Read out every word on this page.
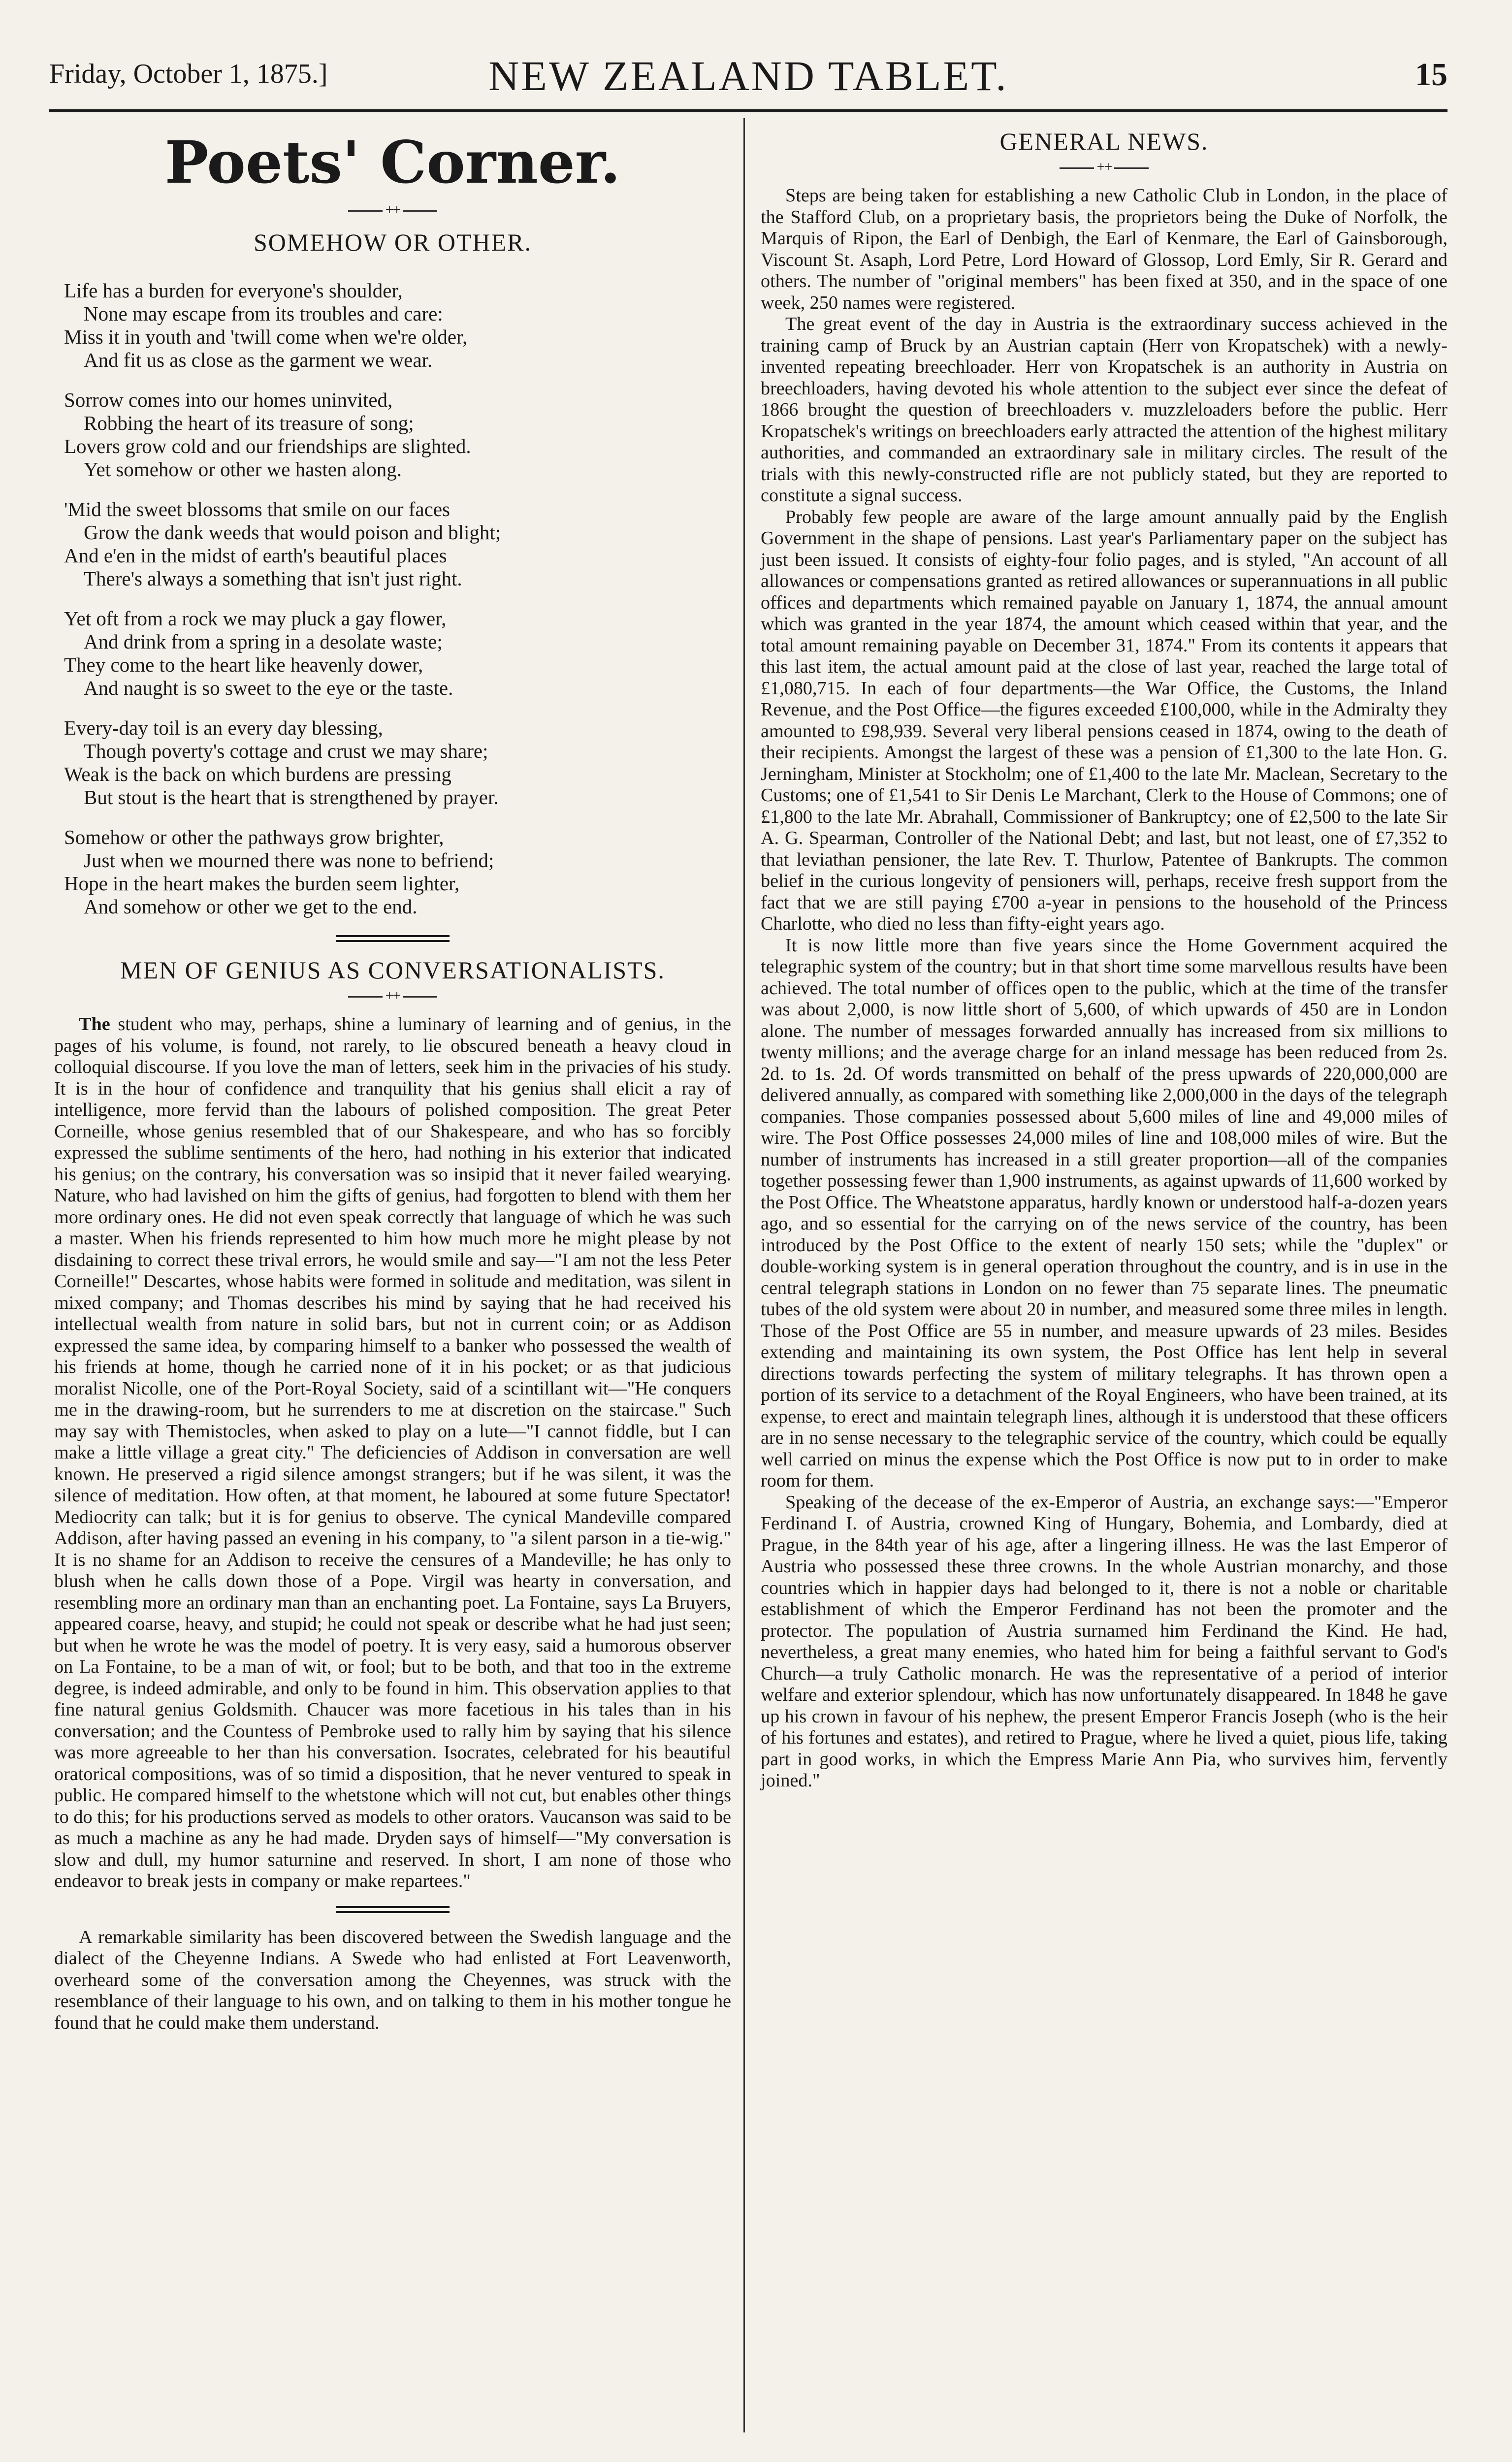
Friday, October 1, 1875.]	NEW ZEALAND TABLET.	15
Poets' Corner.
++
SOMEHOW OR OTHER.
Life has a burden for everyone's shoulder,
None may escape from its troubles and care:
Miss it in youth and 'twill come when we're older,
And fit us as close as the garment we wear.
Sorrow comes into our homes uninvited,
Robbing the heart of its treasure of song;
Lovers grow cold and our friendships are slighted.
Yet somehow or other we hasten along.
'Mid the sweet blossoms that smile on our faces
Grow the dank weeds that would poison and blight;
And e'en in the midst of earth's beautiful places
There's always a something that isn't just right.
Yet oft from a rock we may pluck a gay flower,
And drink from a spring in a desolate waste;
They come to the heart like heavenly dower,
And naught is so sweet to the eye or the taste.
Every-day toil is an every day blessing,
Though poverty's cottage and crust we may share;
Weak is the back on which burdens are pressing
But stout is the heart that is strengthened by prayer.
Somehow or other the pathways grow brighter,
Just when we mourned there was none to befriend;
Hope in the heart makes the burden seem lighter,
And somehow or other we get to the end.
MEN OF GENIUS AS CONVERSATIONALISTS.
++

The student who may, perhaps, shine a luminary of learning and of genius, in the pages of his volume, is found, not rarely, to lie obscured beneath a heavy cloud in colloquial discourse. If you love the man of letters, seek him in the privacies of his study. It is in the hour of confidence and tranquility that his genius shall elicit a ray of intelligence, more fervid than the labours of polished composition. The great Peter Corneille, whose genius resembled that of our Shakespeare, and who has so forcibly expressed the sublime sentiments of the hero, had nothing in his exterior that indicated his genius; on the contrary, his conversation was so insipid that it never failed wearying. Nature, who had lavished on him the gifts of genius, had forgotten to blend with them her more ordinary ones. He did not even speak correctly that language of which he was such a master. When his friends represented to him how much more he might please by not disdaining to correct these trival errors, he would smile and say—"I am not the less Peter Corneille!" Descartes, whose habits were formed in solitude and meditation, was silent in mixed company; and Thomas describes his mind by saying that he had received his intellectual wealth from nature in solid bars, but not in current coin; or as Addison expressed the same idea, by comparing himself to a banker who possessed the wealth of his friends at home, though he carried none of it in his pocket; or as that judicious moralist Nicolle, one of the Port-Royal Society, said of a scintillant wit—"He conquers me in the drawing-room, but he surrenders to me at discretion on the staircase." Such may say with Themistocles, when asked to play on a lute—"I cannot fiddle, but I can make a little village a great city." The deficiencies of Addison in conversation are well known. He preserved a rigid silence amongst strangers; but if he was silent, it was the silence of meditation. How often, at that moment, he laboured at some future Spectator! Mediocrity can talk; but it is for genius to observe. The cynical Mandeville compared Addison, after having passed an evening in his company, to "a silent parson in a tie-wig." It is no shame for an Addison to receive the censures of a Mandeville; he has only to blush when he calls down those of a Pope. Virgil was hearty in conversation, and resembling more an ordinary man than an enchanting poet. La Fontaine, says La Bruyers, appeared coarse, heavy, and stupid; he could not speak or describe what he had just seen; but when he wrote he was the model of poetry. It is very easy, said a humorous observer on La Fontaine, to be a man of wit, or fool; but to be both, and that too in the extreme degree, is indeed admirable, and only to be found in him. This observation applies to that fine natural genius Goldsmith. Chaucer was more facetious in his tales than in his conversation; and the Countess of Pembroke used to rally him by saying that his silence was more agreeable to her than his conversation. Isocrates, celebrated for his beautiful oratorical compositions, was of so timid a disposition, that he never ventured to speak in public. He compared himself to the whetstone which will not cut, but enables other things to do this; for his productions served as models to other orators. Vaucanson was said to be as much a machine as any he had made. Dryden says of himself—"My conversation is slow and dull, my humor saturnine and reserved. In short, I am none of those who endeavor to break jests in company or make repartees."

A remarkable similarity has been discovered between the Swedish language and the dialect of the Cheyenne Indians. A Swede who had enlisted at Fort Leavenworth, overheard some of the conversation among the Cheyennes, was struck with the resemblance of their language to his own, and on talking to them in his mother tongue he found that he could make them understand.

GENERAL NEWS.
++

Steps are being taken for establishing a new Catholic Club in London, in the place of the Stafford Club, on a proprietary basis, the proprietors being the Duke of Norfolk, the Marquis of Ripon, the Earl of Denbigh, the Earl of Kenmare, the Earl of Gainsborough, Viscount St. Asaph, Lord Petre, Lord Howard of Glossop, Lord Emly, Sir R. Gerard and others. The number of "original members" has been fixed at 350, and in the space of one week, 250 names were registered.

The great event of the day in Austria is the extraordinary success achieved in the training camp of Bruck by an Austrian captain (Herr von Kropatschek) with a newly-invented repeating breechloader. Herr von Kropatschek is an authority in Austria on breechloaders, having devoted his whole attention to the subject ever since the defeat of 1866 brought the question of breechloaders v. muzzleloaders before the public. Herr Kropatschek's writings on breechloaders early attracted the attention of the highest military authorities, and commanded an extraordinary sale in military circles. The result of the trials with this newly-constructed rifle are not publicly stated, but they are reported to constitute a signal success.

Probably few people are aware of the large amount annually paid by the English Government in the shape of pensions. Last year's Parliamentary paper on the subject has just been issued. It consists of eighty-four folio pages, and is styled, "An account of all allowances or compensations granted as retired allowances or superannuations in all public offices and departments which remained payable on January 1, 1874, the annual amount which was granted in the year 1874, the amount which ceased within that year, and the total amount remaining payable on December 31, 1874." From its contents it appears that this last item, the actual amount paid at the close of last year, reached the large total of £1,080,715. In each of four departments—the War Office, the Customs, the Inland Revenue, and the Post Office—the figures exceeded £100,000, while in the Admiralty they amounted to £98,939. Several very liberal pensions ceased in 1874, owing to the death of their recipients. Amongst the largest of these was a pension of £1,300 to the late Hon. G. Jerningham, Minister at Stockholm; one of £1,400 to the late Mr. Maclean, Secretary to the Customs; one of £1,541 to Sir Denis Le Marchant, Clerk to the House of Commons; one of £1,800 to the late Mr. Abrahall, Commissioner of Bankruptcy; one of £2,500 to the late Sir A. G. Spearman, Controller of the National Debt; and last, but not least, one of £7,352 to that leviathan pensioner, the late Rev. T. Thurlow, Patentee of Bankrupts. The common belief in the curious longevity of pensioners will, perhaps, receive fresh support from the fact that we are still paying £700 a-year in pensions to the household of the Princess Charlotte, who died no less than fifty-eight years ago.

It is now little more than five years since the Home Government acquired the telegraphic system of the country; but in that short time some marvellous results have been achieved. The total number of offices open to the public, which at the time of the transfer was about 2,000, is now little short of 5,600, of which upwards of 450 are in London alone. The number of messages forwarded annually has increased from six millions to twenty millions; and the average charge for an inland message has been reduced from 2s. 2d. to 1s. 2d. Of words transmitted on behalf of the press upwards of 220,000,000 are delivered annually, as compared with something like 2,000,000 in the days of the telegraph companies. Those companies possessed about 5,600 miles of line and 49,000 miles of wire. The Post Office possesses 24,000 miles of line and 108,000 miles of wire. But the number of instruments has increased in a still greater proportion—all of the companies together possessing fewer than 1,900 instruments, as against upwards of 11,600 worked by the Post Office. The Wheatstone apparatus, hardly known or understood half-a-dozen years ago, and so essential for the carrying on of the news service of the country, has been introduced by the Post Office to the extent of nearly 150 sets; while the "duplex" or double-working system is in general operation throughout the country, and is in use in the central telegraph stations in London on no fewer than 75 separate lines. The pneumatic tubes of the old system were about 20 in number, and measured some three miles in length. Those of the Post Office are 55 in number, and measure upwards of 23 miles. Besides extending and maintaining its own system, the Post Office has lent help in several directions towards perfecting the system of military telegraphs. It has thrown open a portion of its service to a detachment of the Royal Engineers, who have been trained, at its expense, to erect and maintain telegraph lines, although it is understood that these officers are in no sense necessary to the telegraphic service of the country, which could be equally well carried on minus the expense which the Post Office is now put to in order to make room for them.

Speaking of the decease of the ex-Emperor of Austria, an exchange says:—"Emperor Ferdinand I. of Austria, crowned King of Hungary, Bohemia, and Lombardy, died at Prague, in the 84th year of his age, after a lingering illness. He was the last Emperor of Austria who possessed these three crowns. In the whole Austrian monarchy, and those countries which in happier days had belonged to it, there is not a noble or charitable establishment of which the Emperor Ferdinand has not been the promoter and the protector. The population of Austria surnamed him Ferdinand the Kind. He had, nevertheless, a great many enemies, who hated him for being a faithful servant to God's Church—a truly Catholic monarch. He was the representative of a period of interior welfare and exterior splendour, which has now unfortunately disappeared. In 1848 he gave up his crown in favour of his nephew, the present Emperor Francis Joseph (who is the heir of his fortunes and estates), and retired to Prague, where he lived a quiet, pious life, taking part in good works, in which the Empress Marie Ann Pia, who survives him, fervently joined."
